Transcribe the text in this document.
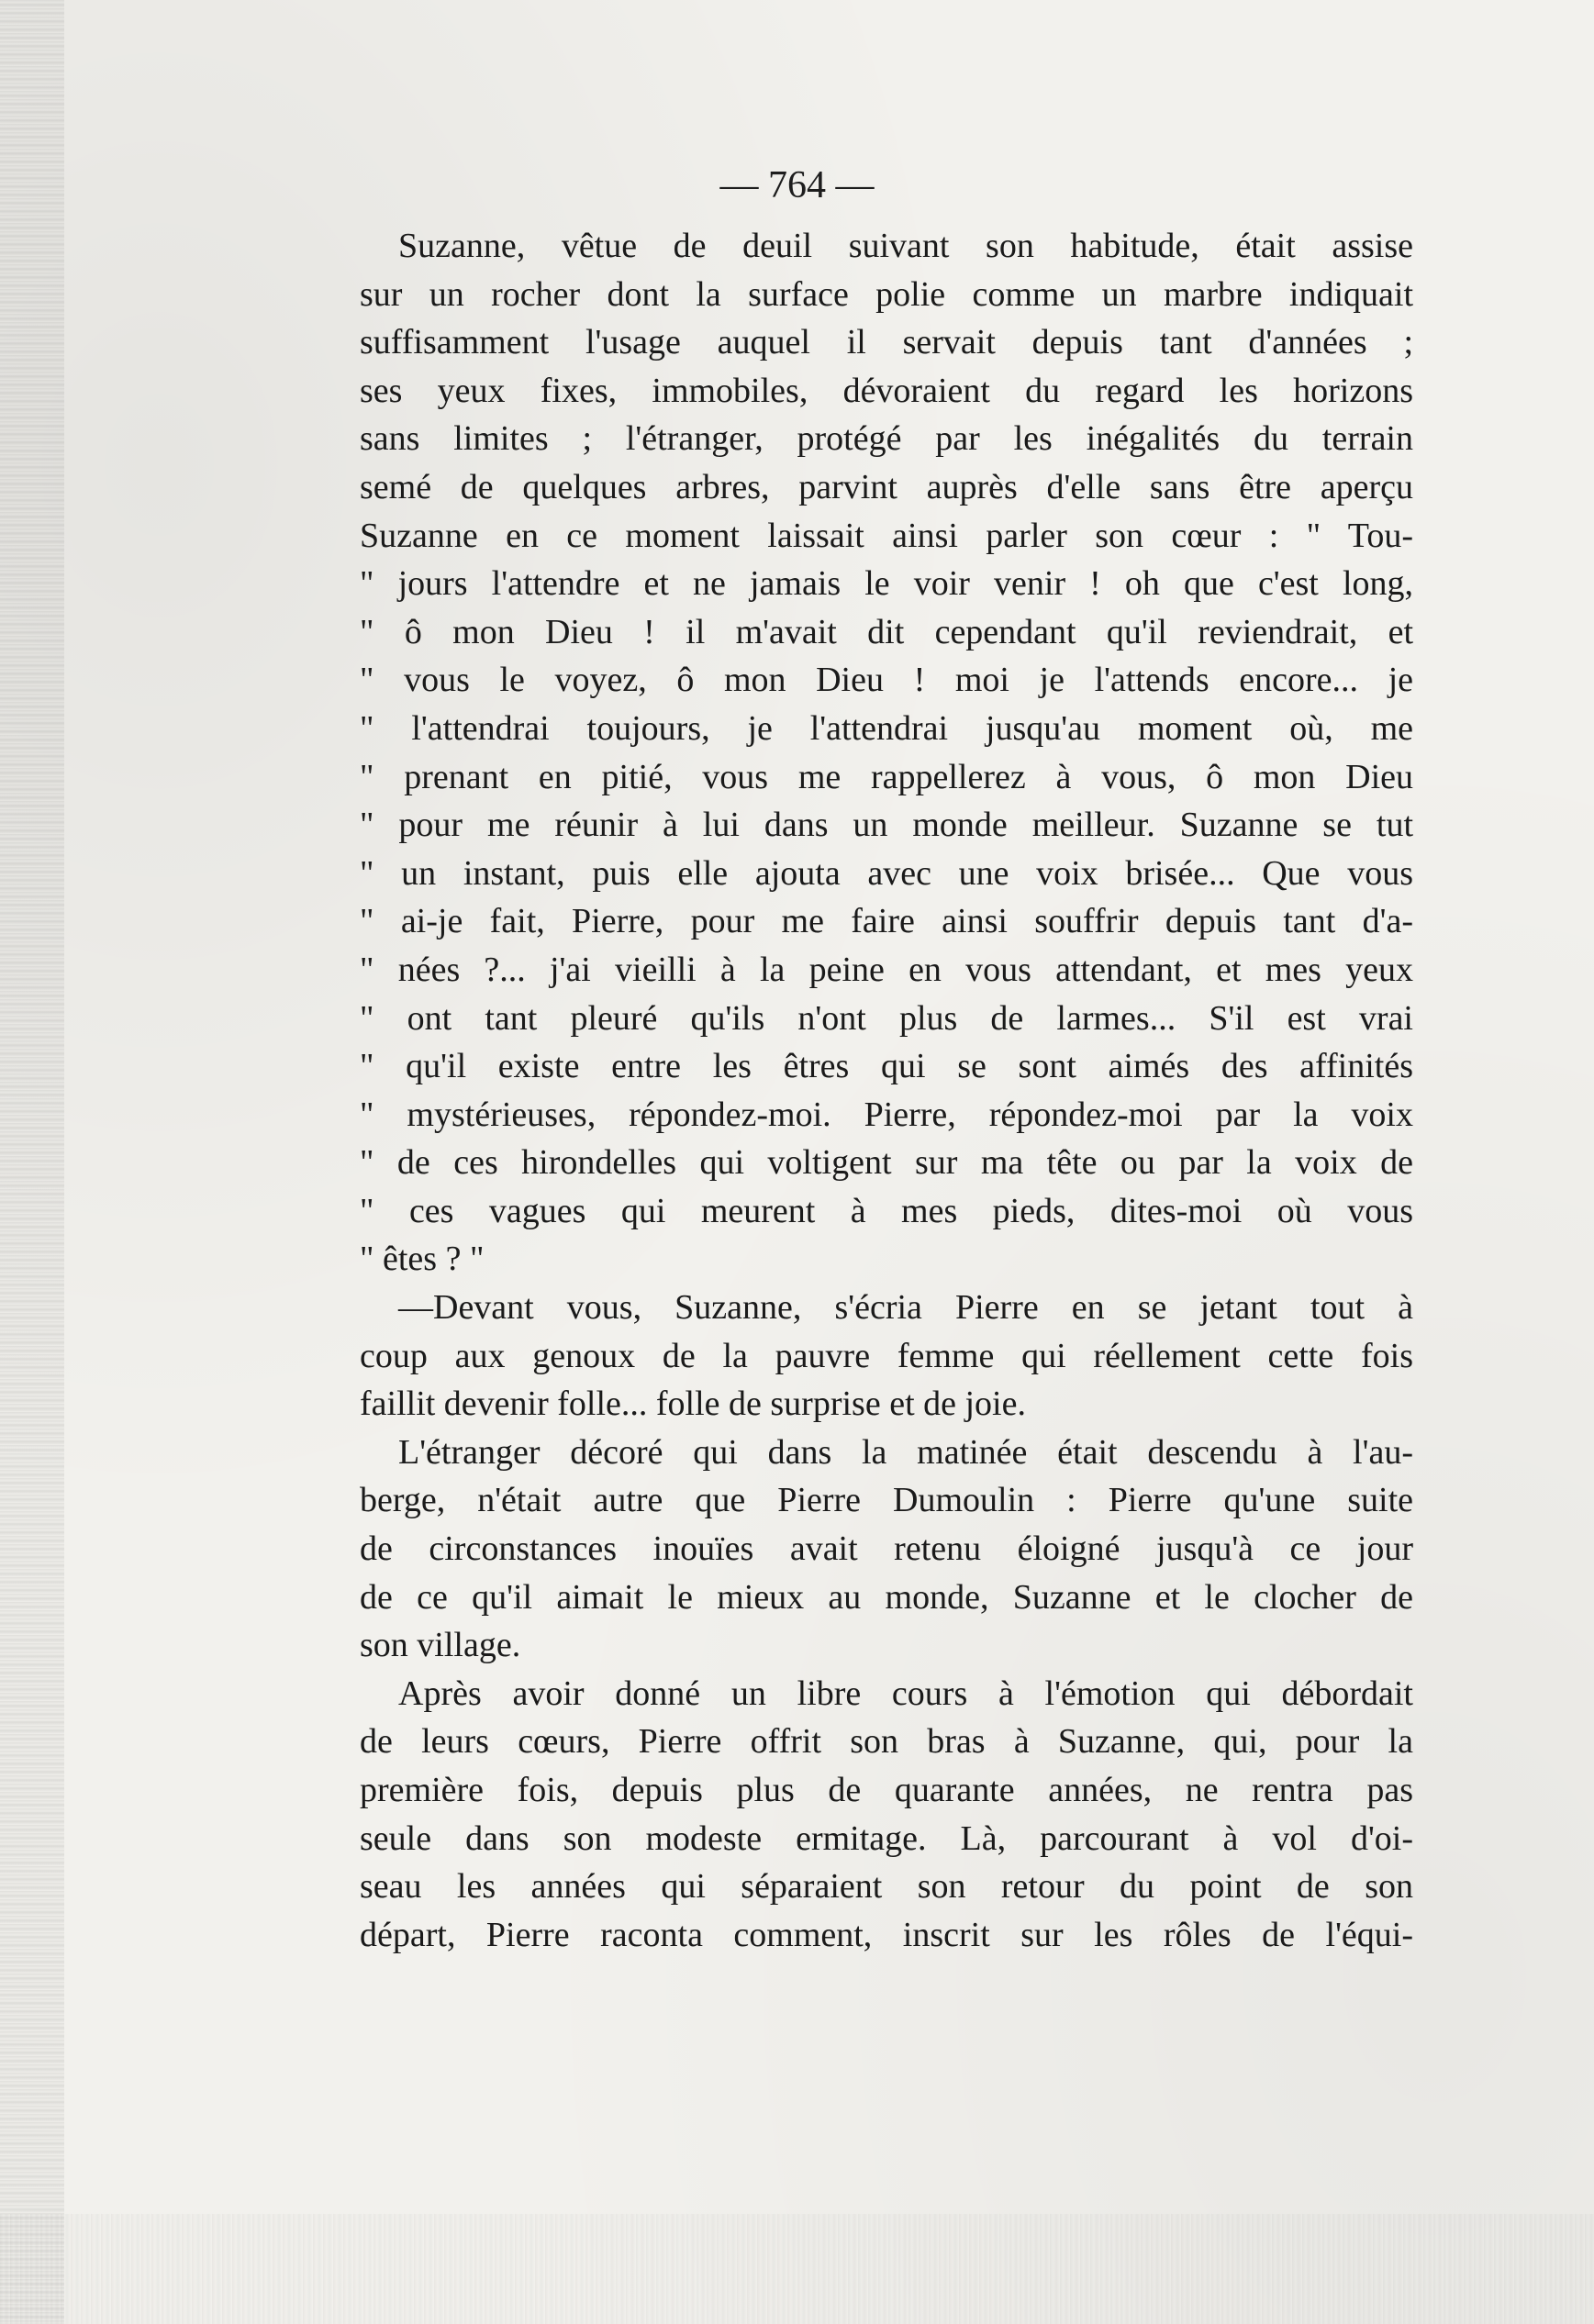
— 764 —
Suzanne, vêtue de deuil suivant son habitude, était assise
sur un rocher dont la surface polie comme un marbre indiquait
suffisamment l'usage auquel il servait depuis tant d'années ;
ses yeux fixes, immobiles, dévoraient du regard les horizons
sans limites ; l'étranger, protégé par les inégalités du terrain
semé de quelques arbres, parvint auprès d'elle sans être aperçu
Suzanne en ce moment laissait ainsi parler son cœur : " Tou-
" jours l'attendre et ne jamais le voir venir ! oh que c'est long,
" ô mon Dieu ! il m'avait dit cependant qu'il reviendrait, et
" vous le voyez, ô mon Dieu ! moi je l'attends encore... je
" l'attendrai toujours, je l'attendrai jusqu'au moment où, me
" prenant en pitié, vous me rappellerez à vous, ô mon Dieu
" pour me réunir à lui dans un monde meilleur. Suzanne se tut
" un instant, puis elle ajouta avec une voix brisée... Que vous
" ai-je fait, Pierre, pour me faire ainsi souffrir depuis tant d'a-
" nées ?... j'ai vieilli à la peine en vous attendant, et mes yeux
" ont tant pleuré qu'ils n'ont plus de larmes... S'il est vrai
" qu'il existe entre les êtres qui se sont aimés des affinités
" mystérieuses, répondez-moi. Pierre, répondez-moi par la voix
" de ces hirondelles qui voltigent sur ma tête ou par la voix de
" ces vagues qui meurent à mes pieds, dites-moi où vous
" êtes ? "
—Devant vous, Suzanne, s'écria Pierre en se jetant tout à
coup aux genoux de la pauvre femme qui réellement cette fois
faillit devenir folle... folle de surprise et de joie.
L'étranger décoré qui dans la matinée était descendu à l'au-
berge, n'était autre que Pierre Dumoulin : Pierre qu'une suite
de circonstances inouïes avait retenu éloigné jusqu'à ce jour
de ce qu'il aimait le mieux au monde, Suzanne et le clocher de
son village.
Après avoir donné un libre cours à l'émotion qui débordait
de leurs cœurs, Pierre offrit son bras à Suzanne, qui, pour la
première fois, depuis plus de quarante années, ne rentra pas
seule dans son modeste ermitage. Là, parcourant à vol d'oi-
seau les années qui séparaient son retour du point de son
départ, Pierre raconta comment, inscrit sur les rôles de l'équi-
